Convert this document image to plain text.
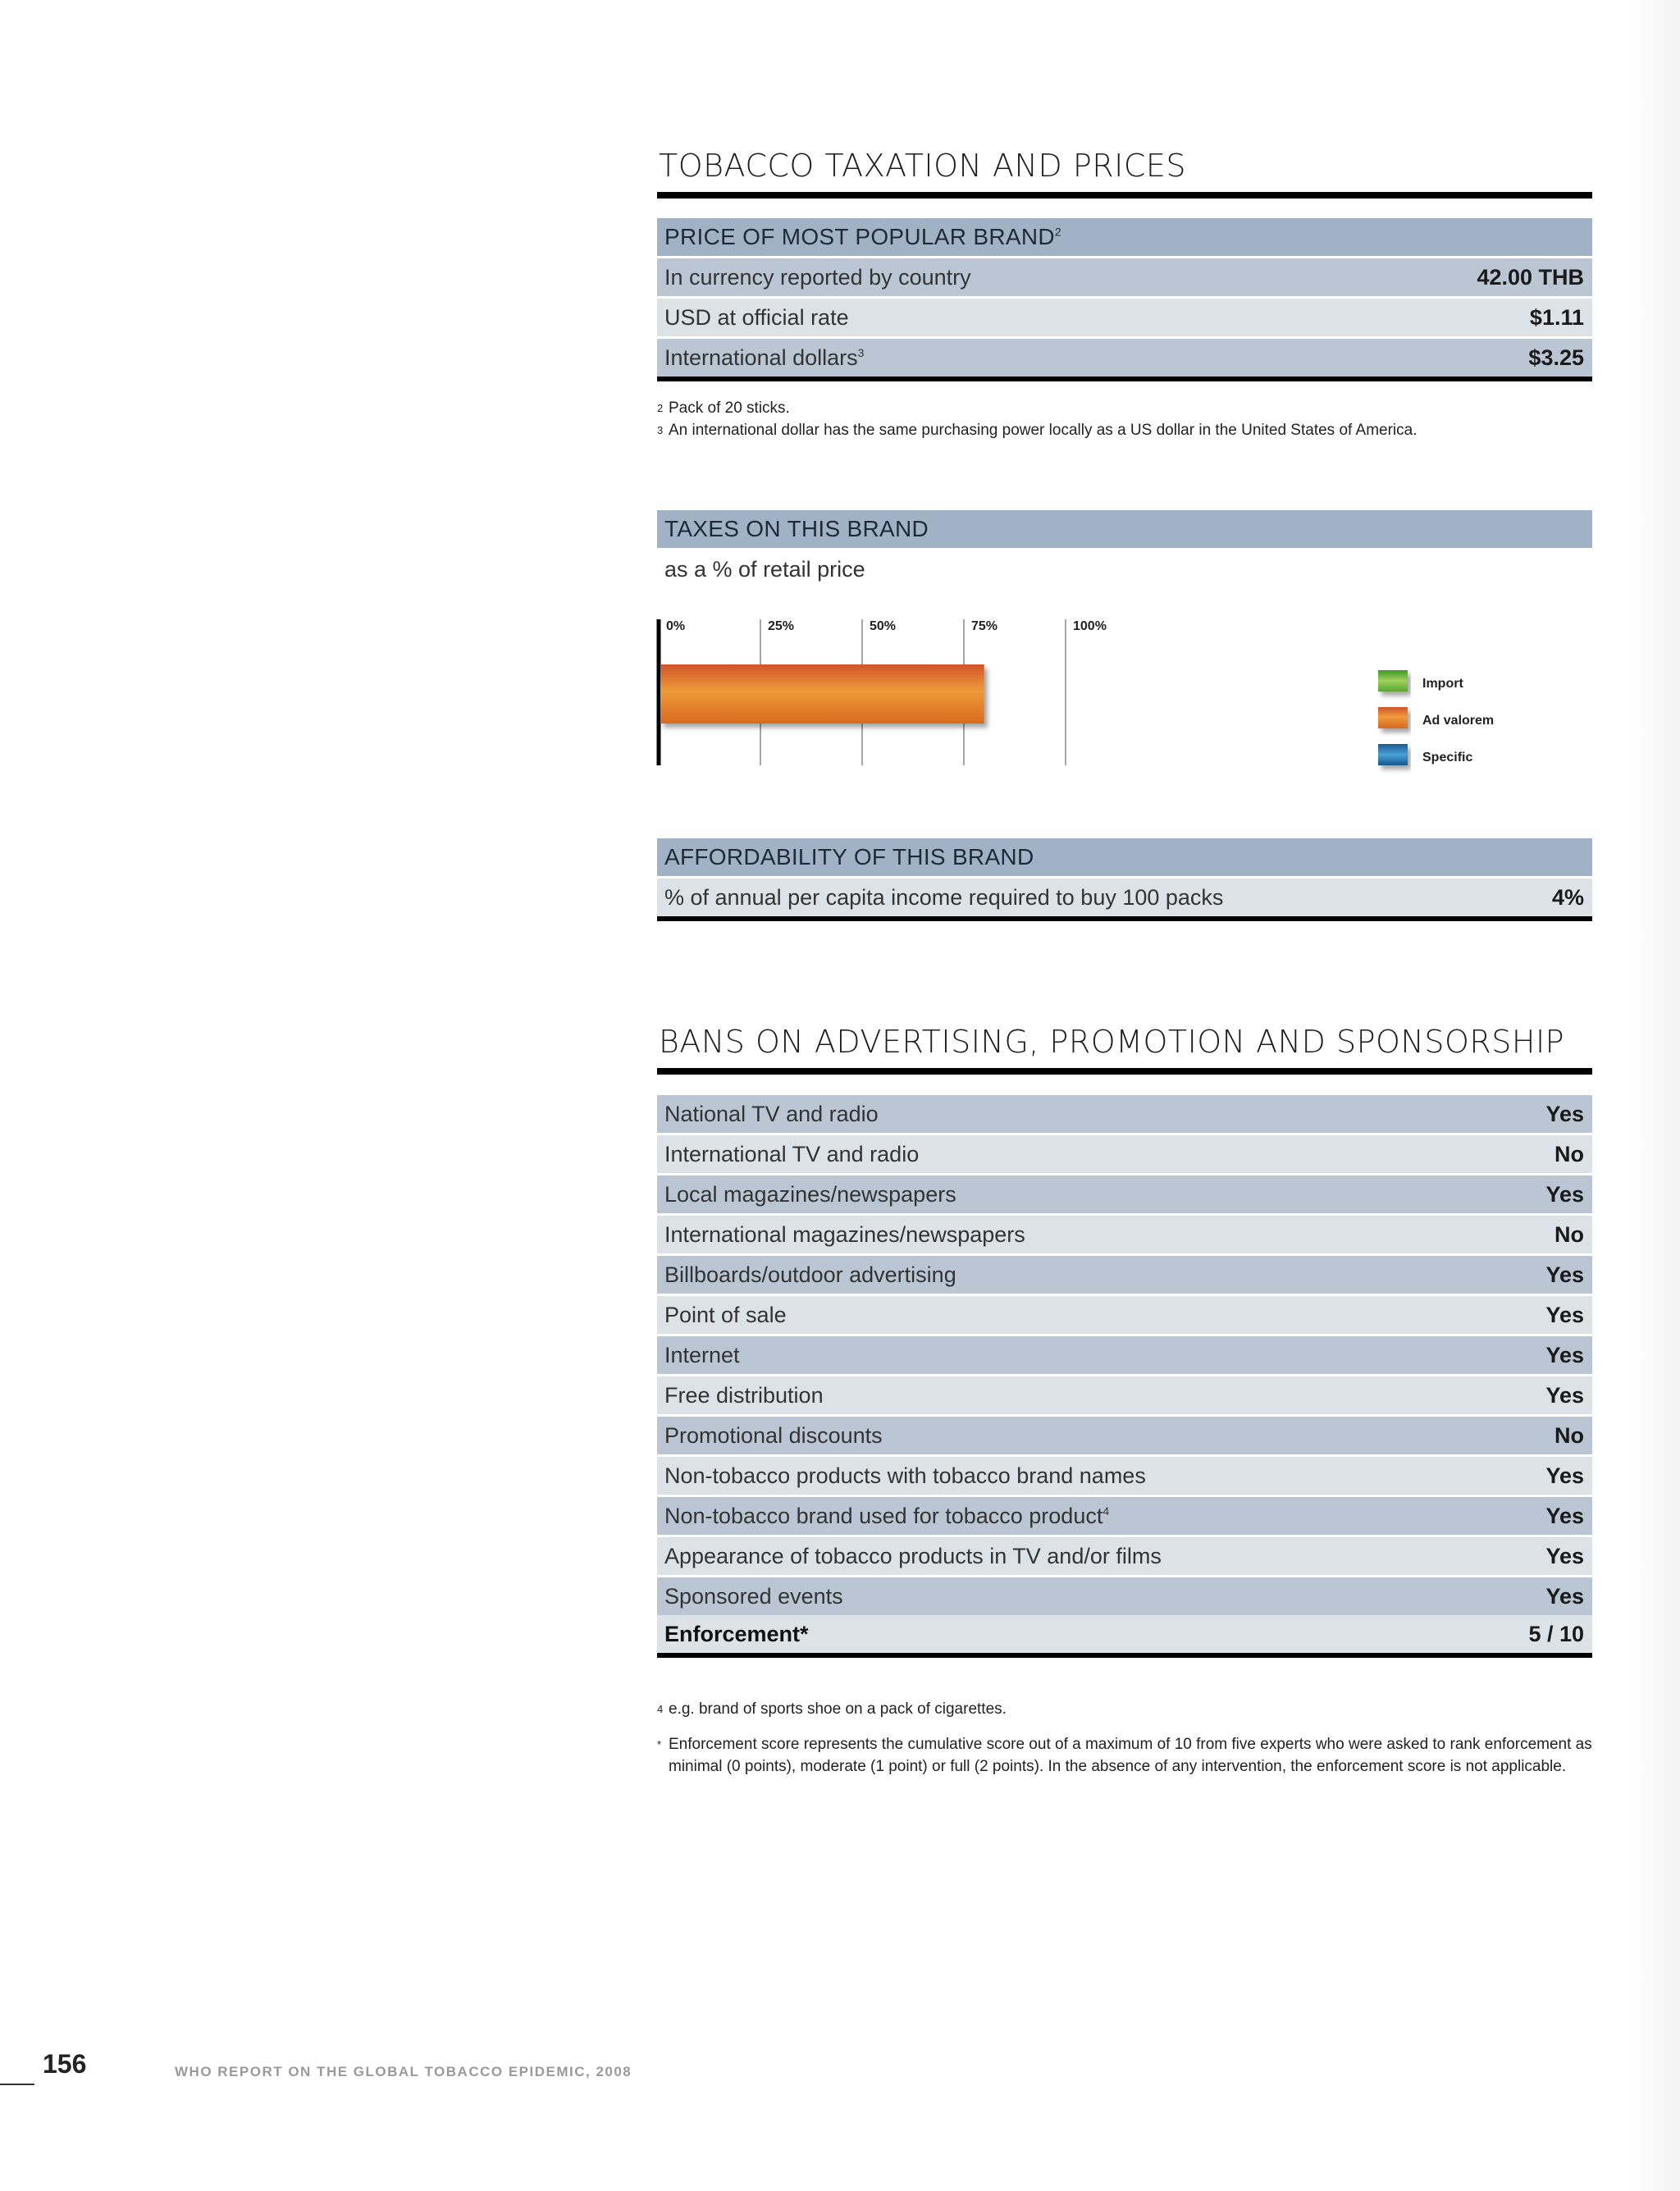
TOBACCO TAXATION AND PRICES
PRICE OF MOST POPULAR BRAND$^2$
In currency reported by country	42.00 THB
USD at official rate	$1.11
International dollars$^3$	$3.25
2 Pack of 20 sticks.
3 An international dollar has the same purchasing power locally as a US dollar in the United States of America.
TAXES ON THIS BRAND
as a % of retail price
0%	25%	50%	75%	100%
Import
Ad valorem
Specific
AFFORDABILITY OF THIS BRAND
% of annual per capita income required to buy 100 packs	4%
BANS ON ADVERTISING, PROMOTION AND SPONSORSHIP
National TV and radio	Yes
International TV and radio	No
Local magazines/newspapers	Yes
International magazines/newspapers	No
Billboards/outdoor advertising	Yes
Point of sale	Yes
Internet	Yes
Free distribution	Yes
Promotional discounts	No
Non-tobacco products with tobacco brand names	Yes
Non-tobacco brand used for tobacco product$^4$	Yes
Appearance of tobacco products in TV and/or films	Yes
Sponsored events	Yes
Enforcement*	5 / 10
4 e.g. brand of sports shoe on a pack of cigarettes.
* Enforcement score represents the cumulative score out of a maximum of 10 from five experts who were asked to rank enforcement as minimal (0 points), moderate (1 point) or full (2 points). In the absence of any intervention, the enforcement score is not applicable.
156	WHO REPORT ON THE GLOBAL TOBACCO EPIDEMIC, 2008
